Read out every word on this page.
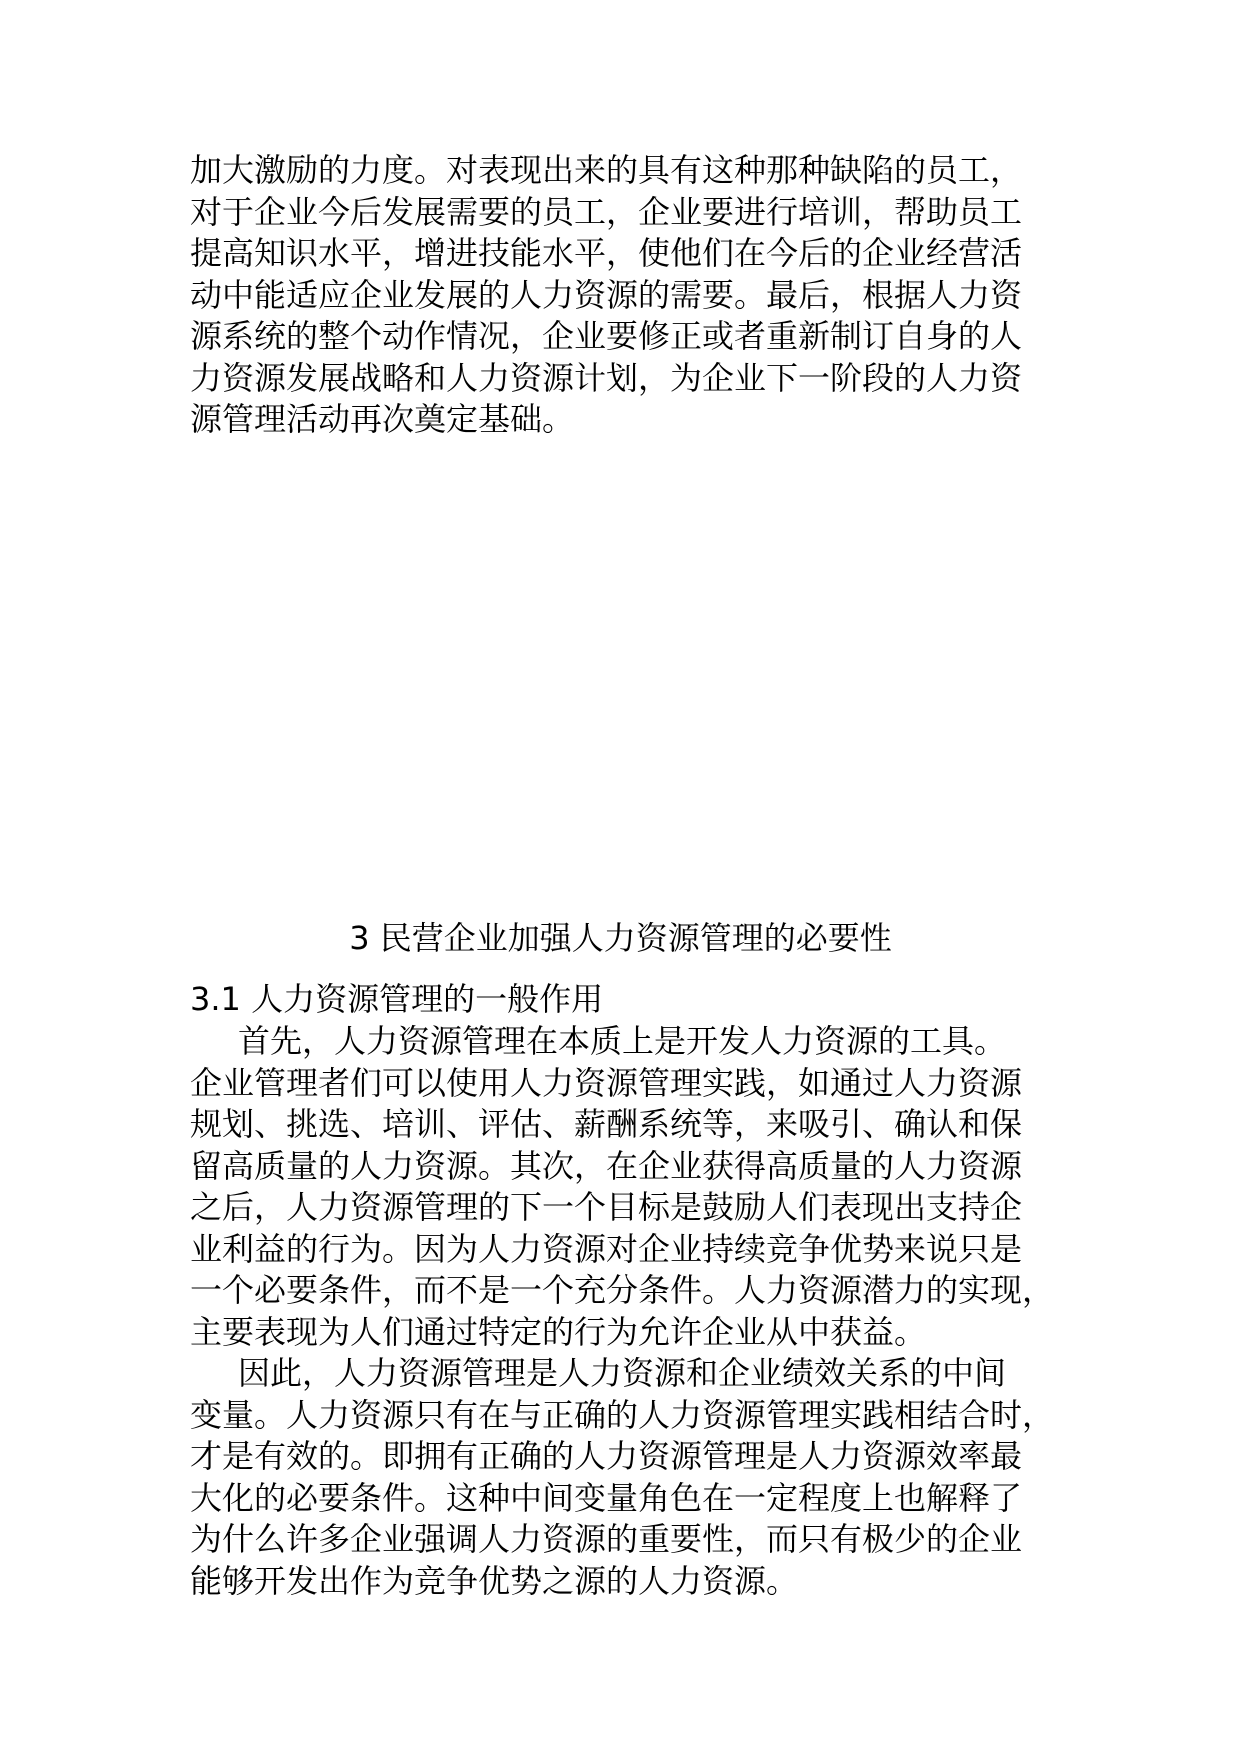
加大激励的力度。对表现出来的具有这种那种缺陷的员工，
对于企业今后发展需要的员工，企业要进行培训，帮助员工
提高知识水平，增进技能水平，使他们在今后的企业经营活
动中能适应企业发展的人力资源的需要。最后，根据人力资
源系统的整个动作情况，企业要修正或者重新制订自身的人
力资源发展战略和人力资源计划，为企业下一阶段的人力资
源管理活动再次奠定基础。
3 民营企业加强人力资源管理的必要性
3.1 人力资源管理的一般作用
首先，人力资源管理在本质上是开发人力资源的工具。
企业管理者们可以使用人力资源管理实践，如通过人力资源
规划、挑选、培训、评估、薪酬系统等，来吸引、确认和保
留高质量的人力资源。其次，在企业获得高质量的人力资源
之后，人力资源管理的下一个目标是鼓励人们表现出支持企
业利益的行为。因为人力资源对企业持续竞争优势来说只是
一个必要条件，而不是一个充分条件。人力资源潜力的实现，
主要表现为人们通过特定的行为允许企业从中获益。
因此，人力资源管理是人力资源和企业绩效关系的中间
变量。人力资源只有在与正确的人力资源管理实践相结合时，
才是有效的。即拥有正确的人力资源管理是人力资源效率最
大化的必要条件。这种中间变量角色在一定程度上也解释了
为什么许多企业强调人力资源的重要性，而只有极少的企业
能够开发出作为竞争优势之源的人力资源。
